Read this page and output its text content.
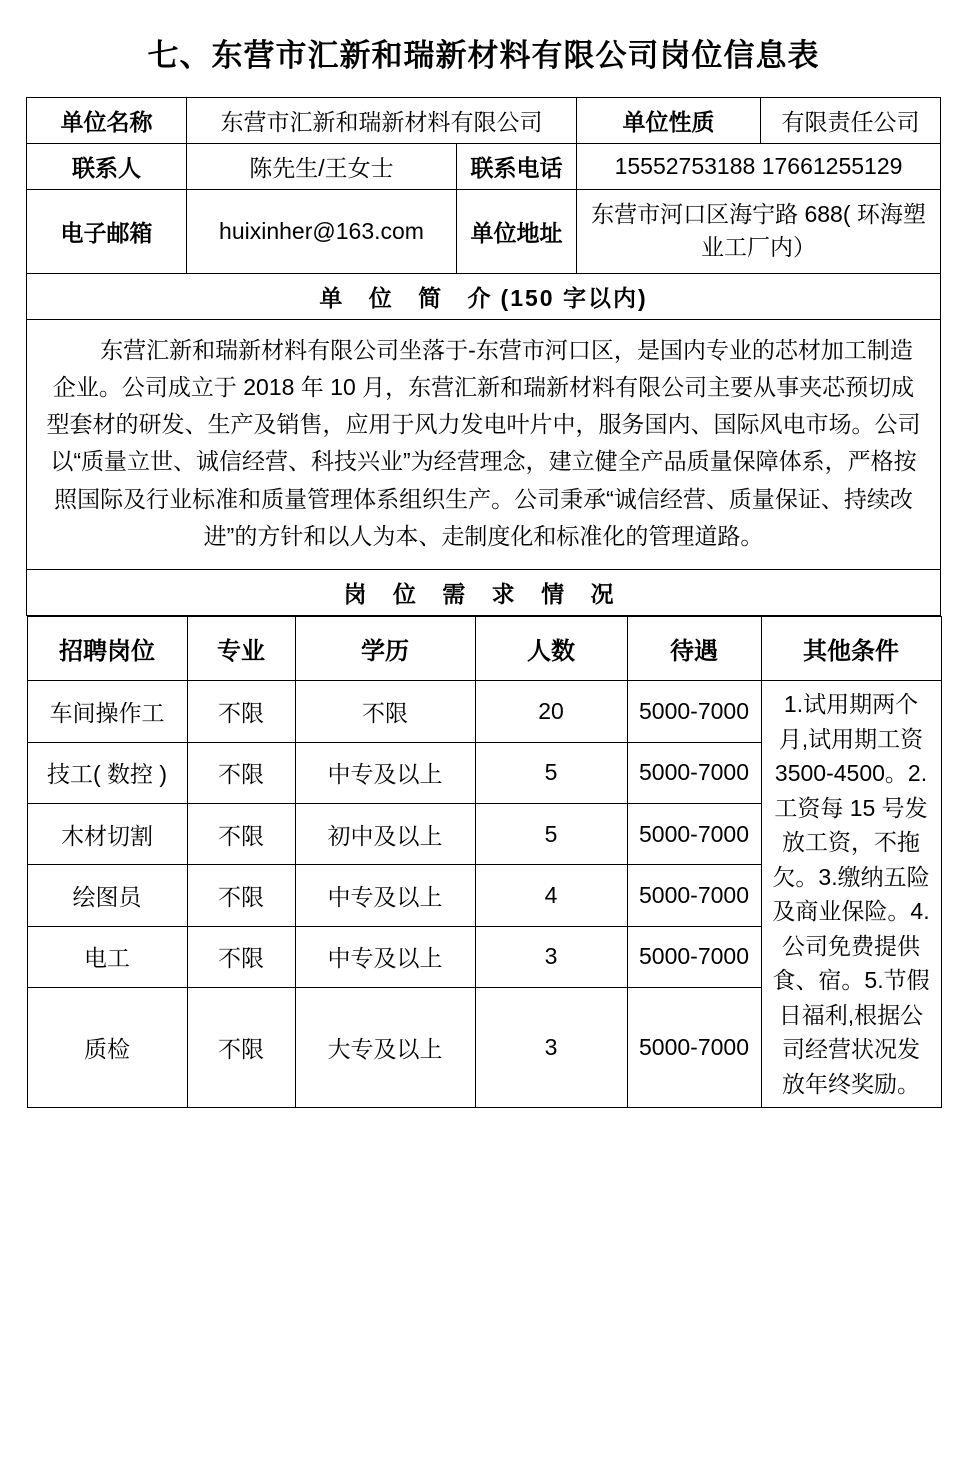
七、东营市汇新和瑞新材料有限公司岗位信息表
单位名称	东营市汇新和瑞新材料有限公司	单位性质	有限责任公司
联系人	陈先生/王女士	联系电话	15552753188 17661255129
电子邮箱	huixinher@163.com	单位地址	东营市河口区海宁路 688( 环海塑业工厂内）
单 位 简 介(150 字以内)
东营汇新和瑞新材料有限公司坐落于-东营市河口区，是国内专业的芯材加工制造企业。公司成立于 2018 年 10 月，东营汇新和瑞新材料有限公司主要从事夹芯预切成型套材的研发、生产及销售，应用于风力发电叶片中，服务国内、国际风电市场。公司以“质量立世、诚信经营、科技兴业”为经营理念，建立健全产品质量保障体系，严格按照国际及行业标准和质量管理体系组织生产。公司秉承“诚信经营、质量保证、持续改进”的方针和以人为本、走制度化和标准化的管理道路。
岗 位 需 求 情 况

招聘岗位	专业	学历	人数	待遇	其他条件
车间操作工	不限	不限	20	5000-7000	1.试用期两个月,试用期工资3500-4500。2.工资每 15 号发放工资，不拖欠。3.缴纳五险及商业保险。4.公司免费提供食、宿。5.节假日福利,根据公司经营状况发放年终奖励。
技工( 数控 )	不限	中专及以上	5	5000-7000
木材切割	不限	初中及以上	5	5000-7000
绘图员	不限	中专及以上	4	5000-7000
电工	不限	中专及以上	3	5000-7000
质检	不限	大专及以上	3	5000-7000
